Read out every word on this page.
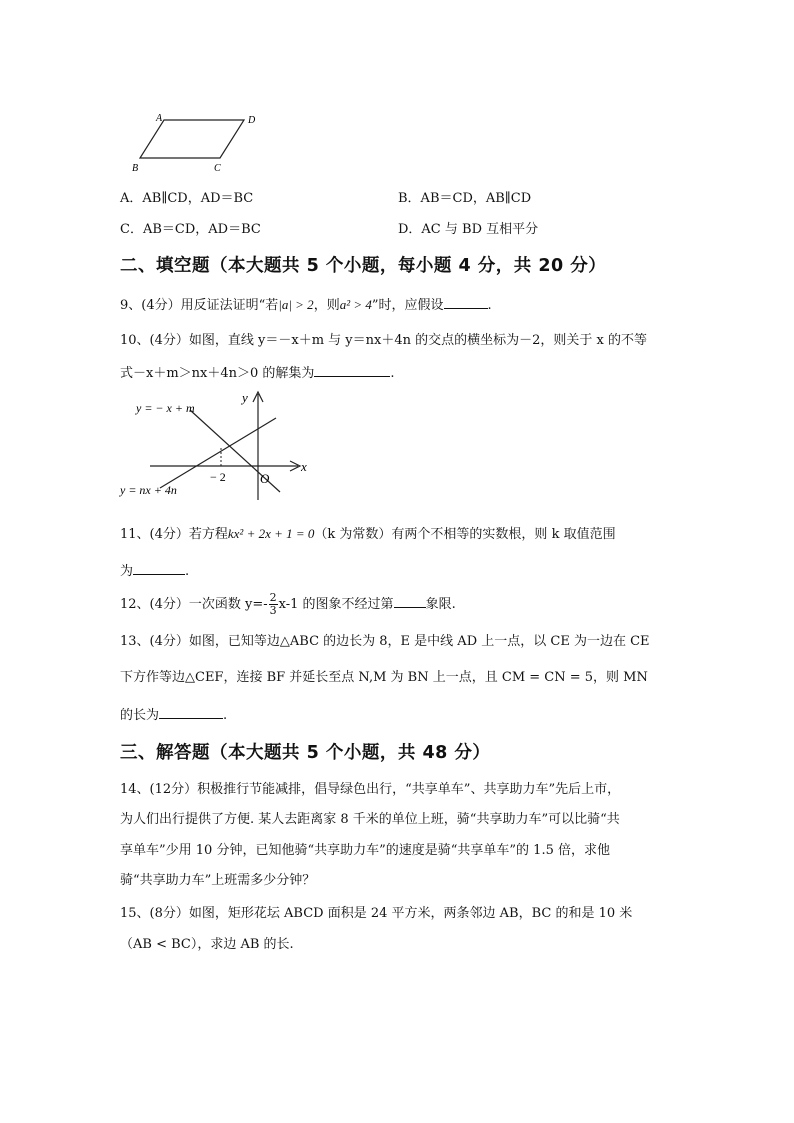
A	D
B	C
A．AB∥CD，AD＝BC	B．AB＝CD，AB∥CD
C．AB＝CD，AD＝BC	D．AC 与 BD 互相平分
二、填空题（本大题共 5 个小题，每小题 4 分，共 20 分）
9、(4分）用反证法证明“若|a| > 2，则a² > 4”时，应假设	.
10、(4分）如图，直线 y＝－x＋m 与 y＝nx＋4n 的交点的横坐标为－2，则关于 x 的不等
式－x＋m＞nx＋4n＞0 的解集为	.
y = − x + m
y = nx + 4n
x
y
− 2	O
11、(4分）若方程kx² + 2x + 1 = 0（k 为常数）有两个不相等的实数根，则 k 取值范围
为	.
12、(4分）一次函数 $y=- \frac{2}{3} x-1$ 的图象不经过第 象限.
13、(4分）如图，已知等边△ABC 的边长为 8，E 是中线 AD 上一点，以 CE 为一边在 CE
下方作等边△CEF，连接 BF 并延长至点 N,M 为 BN 上一点，且 CM = CN = 5，则 MN
的长为	.
三、解答题（本大题共 5 个小题，共 48 分）
14、(12分）积极推行节能减排，倡导绿色出行，“共享单车”、共享助力车”先后上市，
为人们出行提供了方便. 某人去距离家 8 千米的单位上班，骑“共享助力车”可以比骑“共
享单车”少用 10 分钟，已知他骑“共享助力车”的速度是骑“共享单车”的 1.5 倍，求他
骑“共享助力车”上班需多少分钟？
15、(8分）如图，矩形花坛 ABCD 面积是 24 平方米，两条邻边 AB，BC 的和是 10 米
（AB < BC），求边 AB 的长.
